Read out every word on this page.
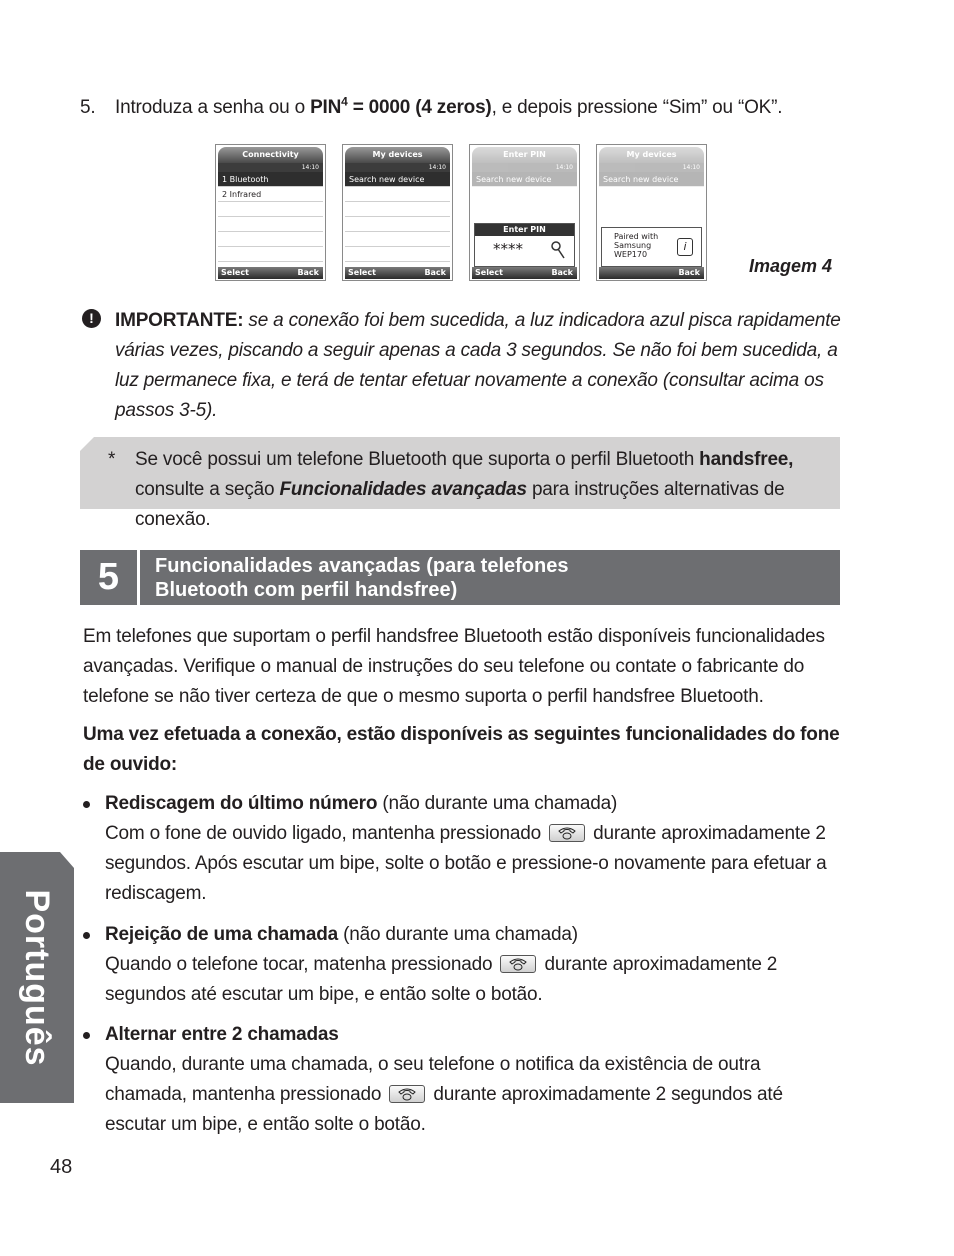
5. Introduza a senha ou o $PIN^4 = 0000$ (4 zeros), e depois pressione “Sim” ou “OK”.
Connectivity
14:10
1 Bluetooth
2 Infrared
Select	Back
My devices
14:10
Search new device
Select	Back
Enter PIN
14:10
Search new device
Enter PIN
****
Select	Back
My devices
14:10
Search new device
Paired with Samsung WEP170
i
Back	Imagem 4
!	IMPORTANTE: se a conexão foi bem sucedida, a luz indicadora azul pisca rapidamente várias vezes, piscando a seguir apenas a cada 3 segundos. Se não foi bem sucedida, a luz permanece fixa, e terá de tentar efetuar novamente a conexão (consultar acima os passos 3-5).
* Se você possui um telefone Bluetooth que suporta o perfil Bluetooth handsfree,
consulte a seção Funcionalidades avançadas para instruções alternativas de conexão.
5	Funcionalidades avançadas (para telefones
Bluetooth com perfil handsfree)
Em telefones que suportam o perfil handsfree Bluetooth estão disponíveis funcionalidades avançadas. Verifique o manual de instruções do seu telefone ou contate o fabricante do telefone se não tiver certeza de que o mesmo suporta o perfil handsfree Bluetooth.
Uma vez efetuada a conexão, estão disponíveis as seguintes funcionalidades do fone de ouvido:
Rediscagem do último número (não durante uma chamada)
Com o fone de ouvido ligado, mantenha pressionado
durante aproximadamente 2 segundos. Após escutar um bipe, solte o botão e pressione-o novamente para efetuar a rediscagem.
Rejeição de uma chamada (não durante uma chamada)
Quando o telefone tocar, matenha pressionado
durante aproximadamente 2 segundos até escutar um bipe, e então solte o botão.
Alternar entre 2 chamadas
Quando, durante uma chamada, o seu telefone o notifica da existência de outra chamada, mantenha pressionado
durante aproximadamente 2 segundos até escutar um bipe, e então solte o botão.
Português
48
